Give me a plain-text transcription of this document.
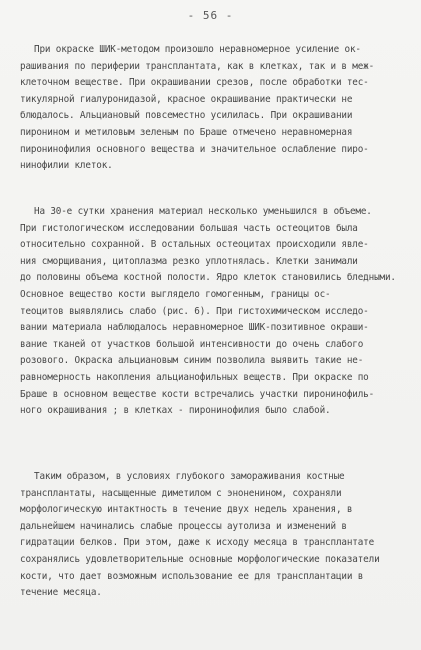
- 56 -
При окраске ШИК-методом произошло неравномерное усиление ок-
рашивания по периферии трансплантата, как в клетках, так и в меж-
клеточном веществе. При окрашивании срезов, после обработки тес-
тикулярной гиалуронидазой, красное окрашивание практически не
блюдалось. Альциановый повсеместно усилилась. При окрашивании
пиронином и метиловым зеленым по Браше отмечено неравномерная
пиронинофилия основного вещества и значительное ослабление пиро-
нинофилии клеток.
На 30-е сутки хранения материал несколько уменьшился в объеме.
При гистологическом исследовании большая часть остеоцитов была
относительно сохранной. В остальных остеоцитах происходили явле-
ния сморщивания, цитоплазма резко уплотнялась. Клетки занимали
до половины объема костной полости. Ядро клеток становились бледными.
Основное вещество кости выглядело гомогенным, границы ос-
теоцитов выявлялись слабо (рис. 6). При гистохимическом исследо-
вании материала наблюдалось неравномерное ШИК-позитивное окраши-
вание тканей от участков большой интенсивности до очень слабого
розового. Окраска альциановым синим позволила выявить такие не-
равномерность накопления альцианофильных веществ. При окраске по
Браше в основном веществе кости встречались участки пиронинофиль-
ного окрашивания ; в клетках - пиронинофилия было слабой.
Таким образом, в условиях глубокого замораживания костные
трансплантаты, насыщенные диметилом с эноненином, сохраняли
морфологическую интактность в течение двух недель хранения, в
дальнейшем начинались слабые процессы аутолиза и изменений в
гидратации белков. При этом, даже к исходу месяца в трансплантате
сохранялись удовлетворительные основные морфологические показатели
кости, что дает возможным использование ее для трансплантации в
течение месяца.
